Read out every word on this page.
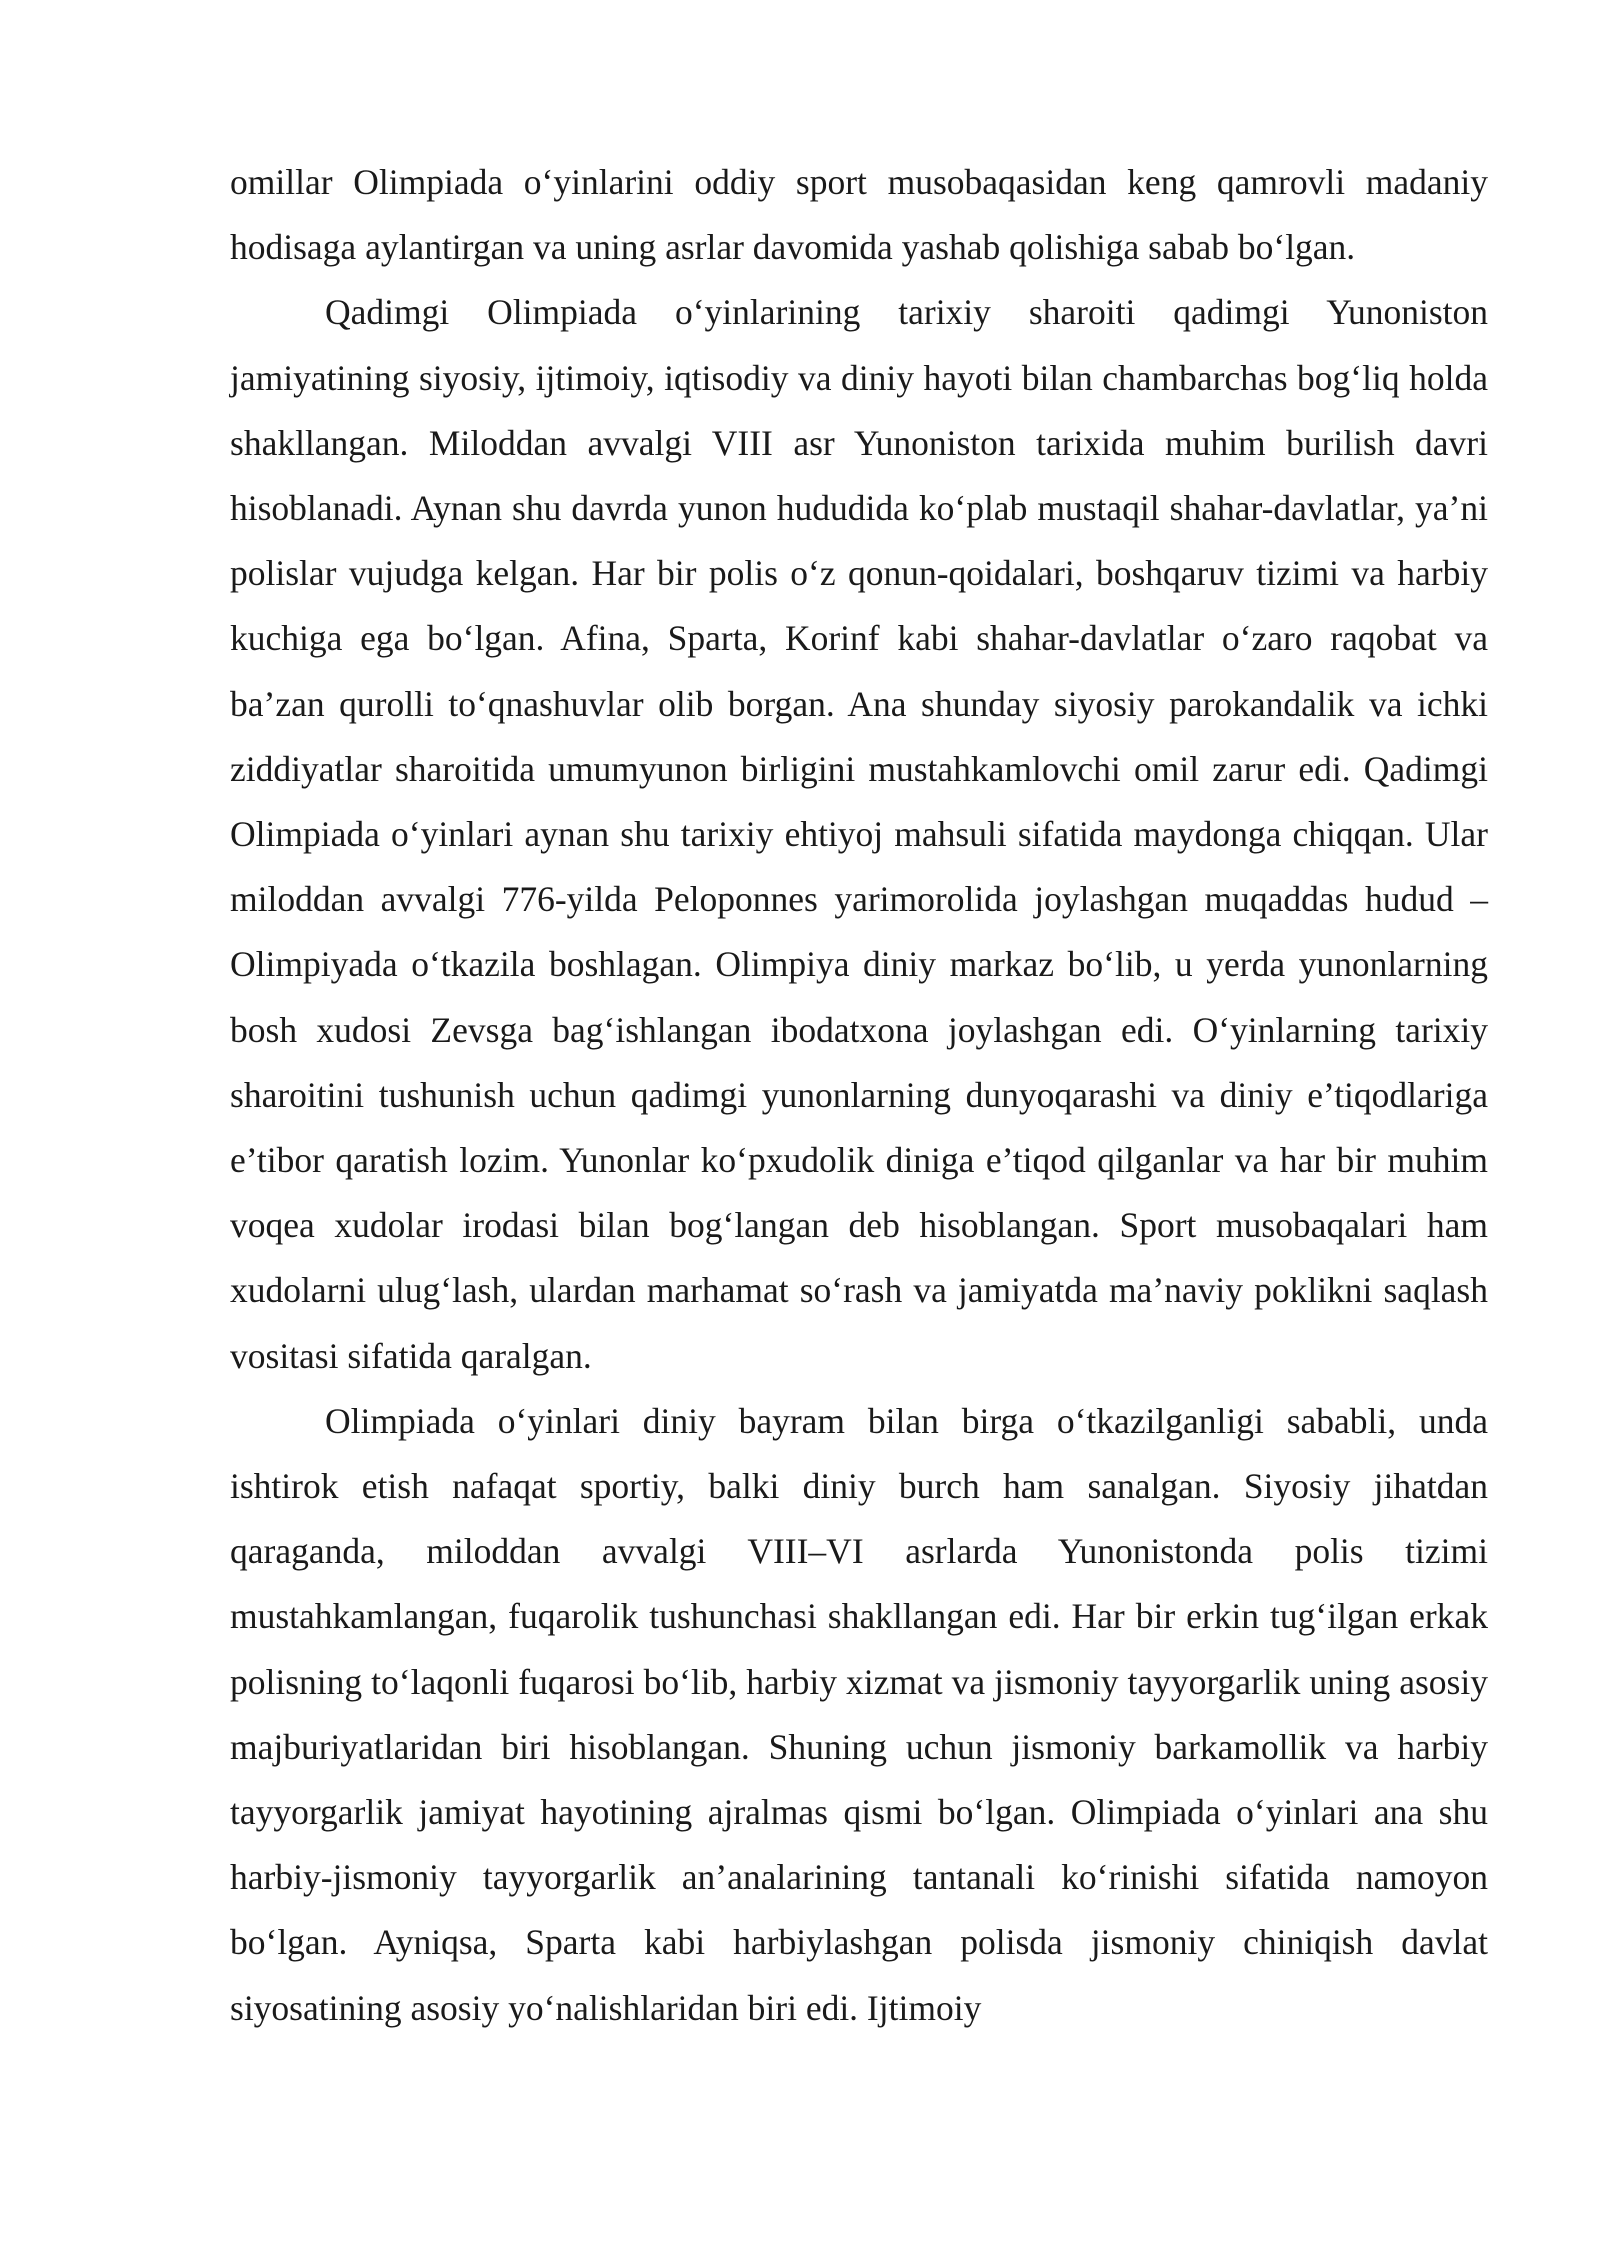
omillar Olimpiada o‘yinlarini oddiy sport musobaqasidan keng qamrovli madaniy hodisaga aylantirgan va uning asrlar davomida yashab qolishiga sabab bo‘lgan.

Qadimgi Olimpiada o‘yinlarining tarixiy sharoiti qadimgi Yunoniston jamiyatining siyosiy, ijtimoiy, iqtisodiy va diniy hayoti bilan chambarchas bog‘liq holda shakllangan. Miloddan avvalgi VIII asr Yunoniston tarixida muhim burilish davri hisoblanadi. Aynan shu davrda yunon hududida ko‘plab mustaqil shahar-davlatlar, ya’ni polislar vujudga kelgan. Har bir polis o‘z qonun-qoidalari, boshqaruv tizimi va harbiy kuchiga ega bo‘lgan. Afina, Sparta, Korinf kabi shahar-davlatlar o‘zaro raqobat va ba’zan qurolli to‘qnashuvlar olib borgan. Ana shunday siyosiy parokandalik va ichki ziddiyatlar sharoitida umumyunon birligini mustahkamlovchi omil zarur edi. Qadimgi Olimpiada o‘yinlari aynan shu tarixiy ehtiyoj mahsuli sifatida maydonga chiqqan. Ular miloddan avvalgi 776-yilda Peloponnes yarimorolida joylashgan muqaddas hudud – Olimpiyada o‘tkazila boshlagan. Olimpiya diniy markaz bo‘lib, u yerda yunonlarning bosh xudosi Zevsga bag‘ishlangan ibodatxona joylashgan edi. O‘yinlarning tarixiy sharoitini tushunish uchun qadimgi yunonlarning dunyoqarashi va diniy e’tiqodlariga e’tibor qaratish lozim. Yunonlar ko‘pxudolik diniga e’tiqod qilganlar va har bir muhim voqea xudolar irodasi bilan bog‘langan deb hisoblangan. Sport musobaqalari ham xudolarni ulug‘lash, ulardan marhamat so‘rash va jamiyatda ma’naviy poklikni saqlash vositasi sifatida qaralgan.

Olimpiada o‘yinlari diniy bayram bilan birga o‘tkazilganligi sababli, unda ishtirok etish nafaqat sportiy, balki diniy burch ham sanalgan. Siyosiy jihatdan qaraganda, miloddan avvalgi VIII–VI asrlarda Yunonistonda polis tizimi mustahkamlangan, fuqarolik tushunchasi shakllangan edi. Har bir erkin tug‘ilgan erkak polisning to‘laqonli fuqarosi bo‘lib, harbiy xizmat va jismoniy tayyorgarlik uning asosiy majburiyatlaridan biri hisoblangan. Shuning uchun jismoniy barkamollik va harbiy tayyorgarlik jamiyat hayotining ajralmas qismi bo‘lgan. Olimpiada o‘yinlari ana shu harbiy-jismoniy tayyorgarlik an’analarining tantanali ko‘rinishi sifatida namoyon bo‘lgan. Ayniqsa, Sparta kabi harbiylashgan polisda jismoniy chiniqish davlat siyosatining asosiy yo‘nalishlaridan biri edi. Ijtimoiy
